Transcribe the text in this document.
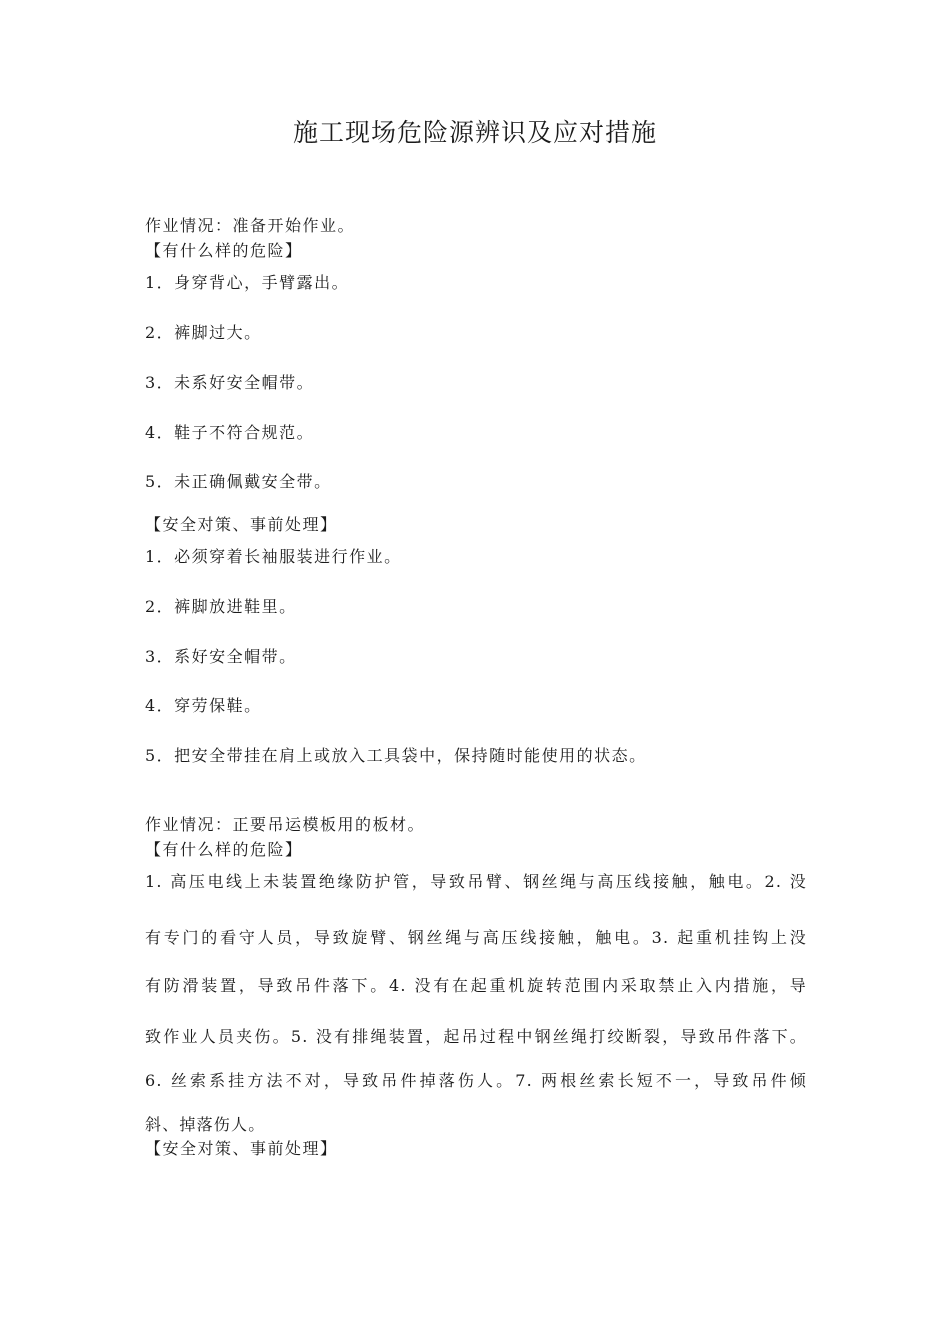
施工现场危险源辨识及应对措施
作业情况：准备开始作业。
【有什么样的危险】
1．身穿背心，手臂露出。
2．裤脚过大。
3．未系好安全帽带。
4．鞋子不符合规范。
5．未正确佩戴安全带。
【安全对策、事前处理】
1．必须穿着长袖服装进行作业。
2．裤脚放进鞋里。
3．系好安全帽带。
4．穿劳保鞋。
5．把安全带挂在肩上或放入工具袋中，保持随时能使用的状态。
作业情况：正要吊运模板用的板材。
【有什么样的危险】
1. 高压电线上未装置绝缘防护管，导致吊臂、钢丝绳与高压线接触，触电。2. 没
有专门的看守人员，导致旋臂、钢丝绳与高压线接触，触电。3. 起重机挂钩上没
有防滑装置，导致吊件落下。4. 没有在起重机旋转范围内采取禁止入内措施，导
致作业人员夹伤。5. 没有排绳装置，起吊过程中钢丝绳打绞断裂，导致吊件落下。
6. 丝索系挂方法不对，导致吊件掉落伤人。7. 两根丝索长短不一，导致吊件倾
斜、掉落伤人。
【安全对策、事前处理】
